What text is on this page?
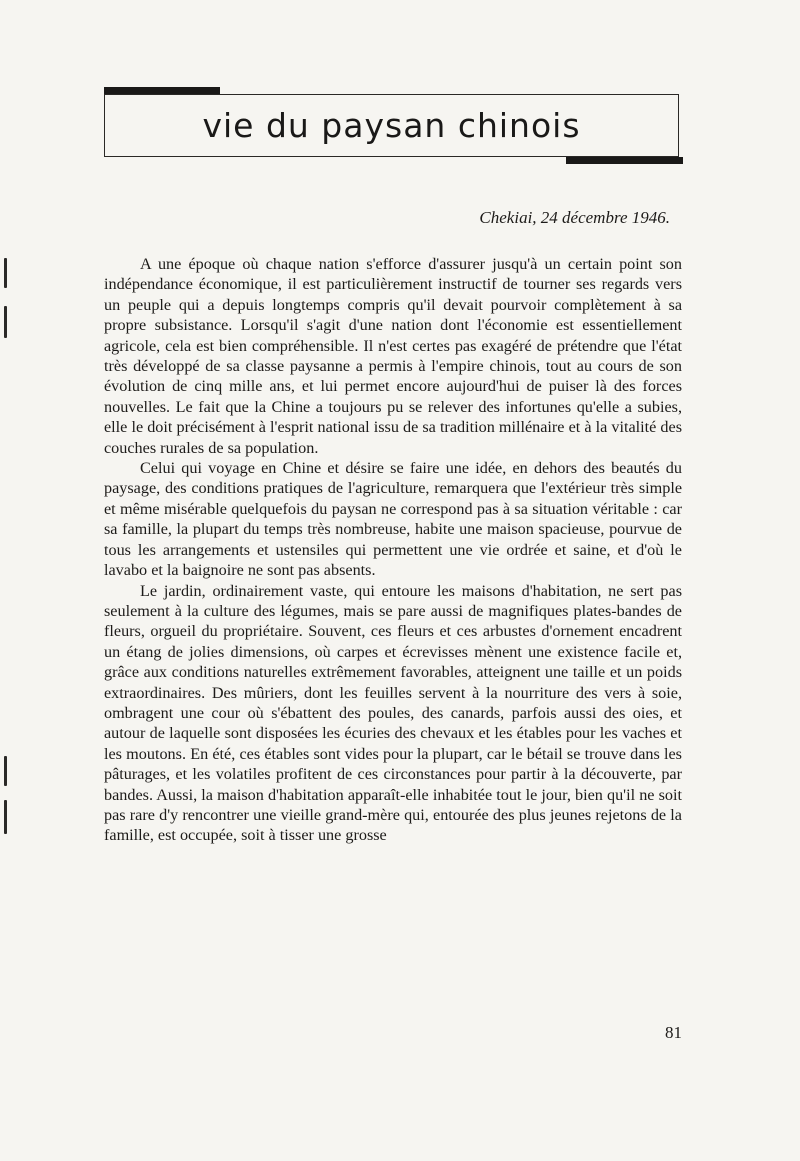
vie du paysan chinois

Chekiai, 24 décembre 1946.

A une époque où chaque nation s'efforce d'assurer jusqu'à un certain point son indépendance économique, il est particulièrement instructif de tourner ses regards vers un peuple qui a depuis longtemps compris qu'il devait pourvoir complètement à sa propre subsistance. Lorsqu'il s'agit d'une nation dont l'économie est essentiellement agricole, cela est bien compréhensible. Il n'est certes pas exagéré de prétendre que l'état très développé de sa classe paysanne a permis à l'empire chinois, tout au cours de son évolution de cinq mille ans, et lui permet encore aujourd'hui de puiser là des forces nouvelles. Le fait que la Chine a toujours pu se relever des infortunes qu'elle a subies, elle le doit précisément à l'esprit national issu de sa tradition millénaire et à la vitalité des couches rurales de sa population.

Celui qui voyage en Chine et désire se faire une idée, en dehors des beautés du paysage, des conditions pratiques de l'agriculture, remarquera que l'extérieur très simple et même misérable quelquefois du paysan ne correspond pas à sa situation véritable : car sa famille, la plupart du temps très nombreuse, habite une maison spacieuse, pourvue de tous les arrangements et ustensiles qui permettent une vie ordrée et saine, et d'où le lavabo et la baignoire ne sont pas absents.

Le jardin, ordinairement vaste, qui entoure les maisons d'habitation, ne sert pas seulement à la culture des légumes, mais se pare aussi de magnifiques plates-bandes de fleurs, orgueil du propriétaire. Souvent, ces fleurs et ces arbustes d'ornement encadrent un étang de jolies dimensions, où carpes et écrevisses mènent une existence facile et, grâce aux conditions naturelles extrêmement favorables, atteignent une taille et un poids extraordinaires. Des mûriers, dont les feuilles servent à la nourriture des vers à soie, ombragent une cour où s'ébattent des poules, des canards, parfois aussi des oies, et autour de laquelle sont disposées les écuries des chevaux et les étables pour les vaches et les moutons. En été, ces étables sont vides pour la plupart, car le bétail se trouve dans les pâturages, et les volatiles profitent de ces circonstances pour partir à la découverte, par bandes. Aussi, la maison d'habitation apparaît-elle inhabitée tout le jour, bien qu'il ne soit pas rare d'y rencontrer une vieille grand-mère qui, entourée des plus jeunes rejetons de la famille, est occupée, soit à tisser une grosse

81
